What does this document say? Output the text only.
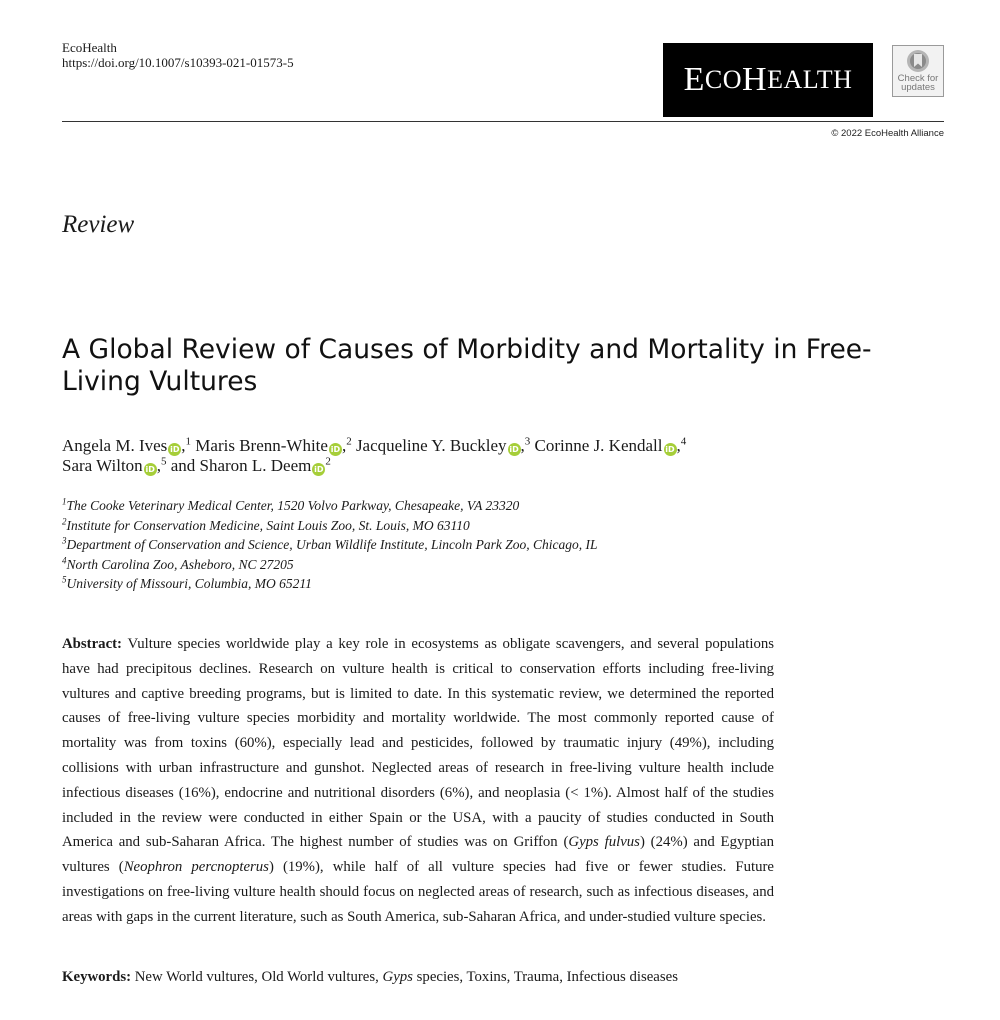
EcoHealth
https://doi.org/10.1007/s10393-021-01573-5	E CO H EALTH	Check for
updates
© 2022 EcoHealth Alliance
Review
A Global Review of Causes of Morbidity and Mortality in Free-
Living Vultures
Angela M. Ives iD ,$^1$ Maris Brenn-White iD ,$^2$ Jacqueline Y. Buckley iD ,$^3$ Corinne J. Kendall iD ,$^4$
Sara Wilton iD ,$^5$ and Sharon L. Deem $iD^2$
$^1$The Cooke Veterinary Medical Center, 1520 Volvo Parkway, Chesapeake, VA 23320
$^2$Institute for Conservation Medicine, Saint Louis Zoo, St. Louis, MO 63110
$^3$Department of Conservation and Science, Urban Wildlife Institute, Lincoln Park Zoo, Chicago, IL
$^4$North Carolina Zoo, Asheboro, NC 27205
$^5$University of Missouri, Columbia, MO 65211
Abstract: Vulture species worldwide play a key role in ecosystems as obligate scavengers, and several populations have had precipitous declines. Research on vulture health is critical to conservation efforts including free-living vultures and captive breeding programs, but is limited to date. In this systematic review, we determined the reported causes of free-living vulture species morbidity and mortality worldwide. The most commonly reported cause of mortality was from toxins (60%), especially lead and pesticides, followed by traumatic injury (49%), including collisions with urban infrastructure and gunshot. Neglected areas of research in free-living vulture health include infectious diseases (16%), endocrine and nutritional disorders (6%), and neoplasia (< 1%). Almost half of the studies included in the review were conducted in either Spain or the USA, with a paucity of studies conducted in South America and sub-Saharan Africa. The highest number of studies was on Griffon (Gyps fulvus) (24%) and Egyptian vultures (Neophron percnopterus) (19%), while half of all vulture species had five or fewer studies. Future investigations on free-living vulture health should focus on neglected areas of research, such as infectious diseases, and areas with gaps in the current literature, such as South America, sub-Saharan Africa, and under-studied vulture species.
Keywords: New World vultures, Old World vultures, Gyps species, Toxins, Trauma, Infectious diseases
